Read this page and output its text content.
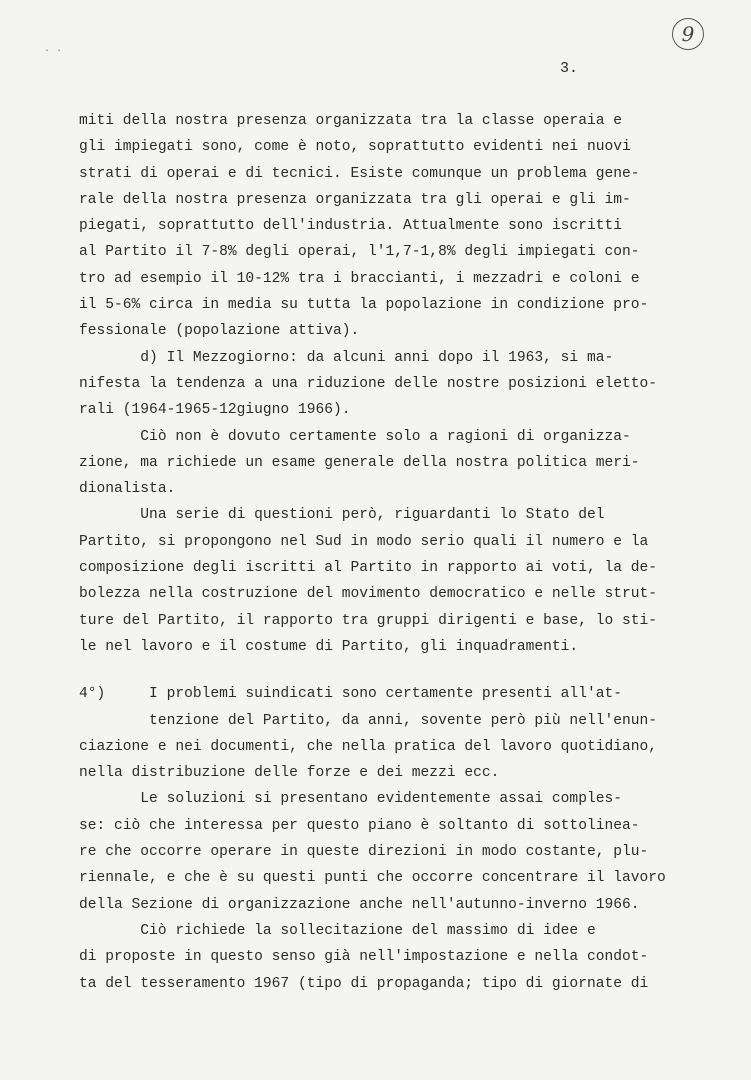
9
. .
3.
miti della nostra presenza organizzata tra la classe operaia e
gli impiegati sono, come è noto, soprattutto evidenti nei nuovi
strati di operai e di tecnici. Esiste comunque un problema gene-
rale della nostra presenza organizzata tra gli operai e gli im-
piegati, soprattutto dell'industria. Attualmente sono iscritti
al Partito il 7-8% degli operai, l'1,7-1,8% degli impiegati con-
tro ad esempio il 10-12% tra i braccianti, i mezzadri e coloni e
il 5-6% circa in media su tutta la popolazione in condizione pro-
fessionale (popolazione attiva).
d) Il Mezzogiorno: da alcuni anni dopo il 1963, si ma-
nifesta la tendenza a una riduzione delle nostre posizioni eletto-
rali (1964-1965-12giugno 1966).
Ciò non è dovuto certamente solo a ragioni di organizza-
zione, ma richiede un esame generale della nostra politica meri-
dionalista.
Una serie di questioni però, riguardanti lo Stato del
Partito, si propongono nel Sud in modo serio quali il numero e la
composizione degli iscritti al Partito in rapporto ai voti, la de-
bolezza nella costruzione del movimento democratico e nelle strut-
ture del Partito, il rapporto tra gruppi dirigenti e base, lo sti-
le nel lavoro e il costume di Partito, gli inquadramenti.
4°)     I problemi suindicati sono certamente presenti all'at-
tenzione del Partito, da anni, sovente però più nell'enun-
ciazione e nei documenti, che nella pratica del lavoro quotidiano,
nella distribuzione delle forze e dei mezzi ecc.
Le soluzioni si presentano evidentemente assai comples-
se: ciò che interessa per questo piano è soltanto di sottolinea-
re che occorre operare in queste direzioni in modo costante, plu-
riennale, e che è su questi punti che occorre concentrare il lavoro
della Sezione di organizzazione anche nell'autunno-inverno 1966.
Ciò richiede la sollecitazione del massimo di idee e
di proposte in questo senso già nell'impostazione e nella condot-
ta del tesseramento 1967 (tipo di propaganda; tipo di giornate di
